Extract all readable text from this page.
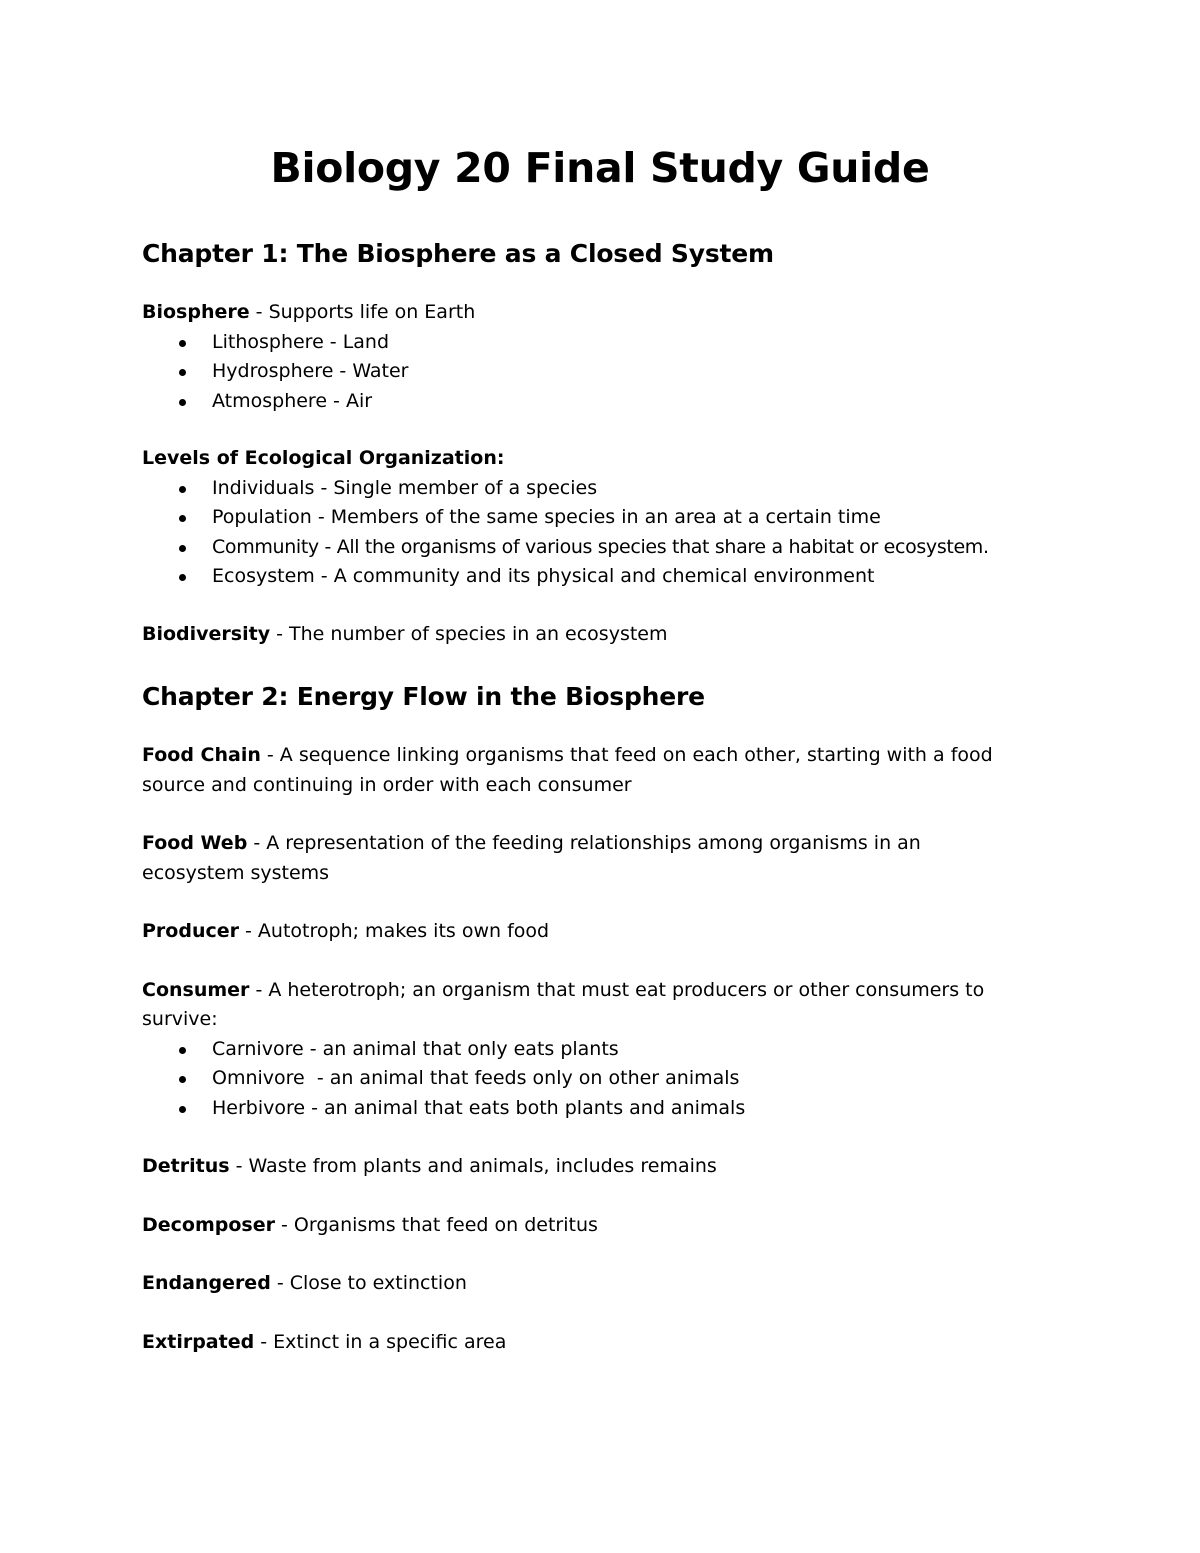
Biology 20 Final Study Guide
Chapter 1: The Biosphere as a Closed System

Biosphere - Supports life on Earth

Lithosphere - Land
Hydrosphere - Water
Atmosphere - Air

Levels of Ecological Organization:

Individuals - Single member of a species
Population - Members of the same species in an area at a certain time
Community - All the organisms of various species that share a habitat or ecosystem.
Ecosystem - A community and its physical and chemical environment

Biodiversity - The number of species in an ecosystem

Chapter 2: Energy Flow in the Biosphere

Food Chain - A sequence linking organisms that feed on each other, starting with a food source and continuing in order with each consumer

Food Web - A representation of the feeding relationships among organisms in an ecosystem systems

Producer - Autotroph; makes its own food

Consumer - A heterotroph; an organism that must eat producers or other consumers to survive:

Carnivore - an animal that only eats plants
Omnivore  - an animal that feeds only on other animals
Herbivore - an animal that eats both plants and animals

Detritus - Waste from plants and animals, includes remains

Decomposer - Organisms that feed on detritus

Endangered - Close to extinction

Extirpated - Extinct in a specific area
